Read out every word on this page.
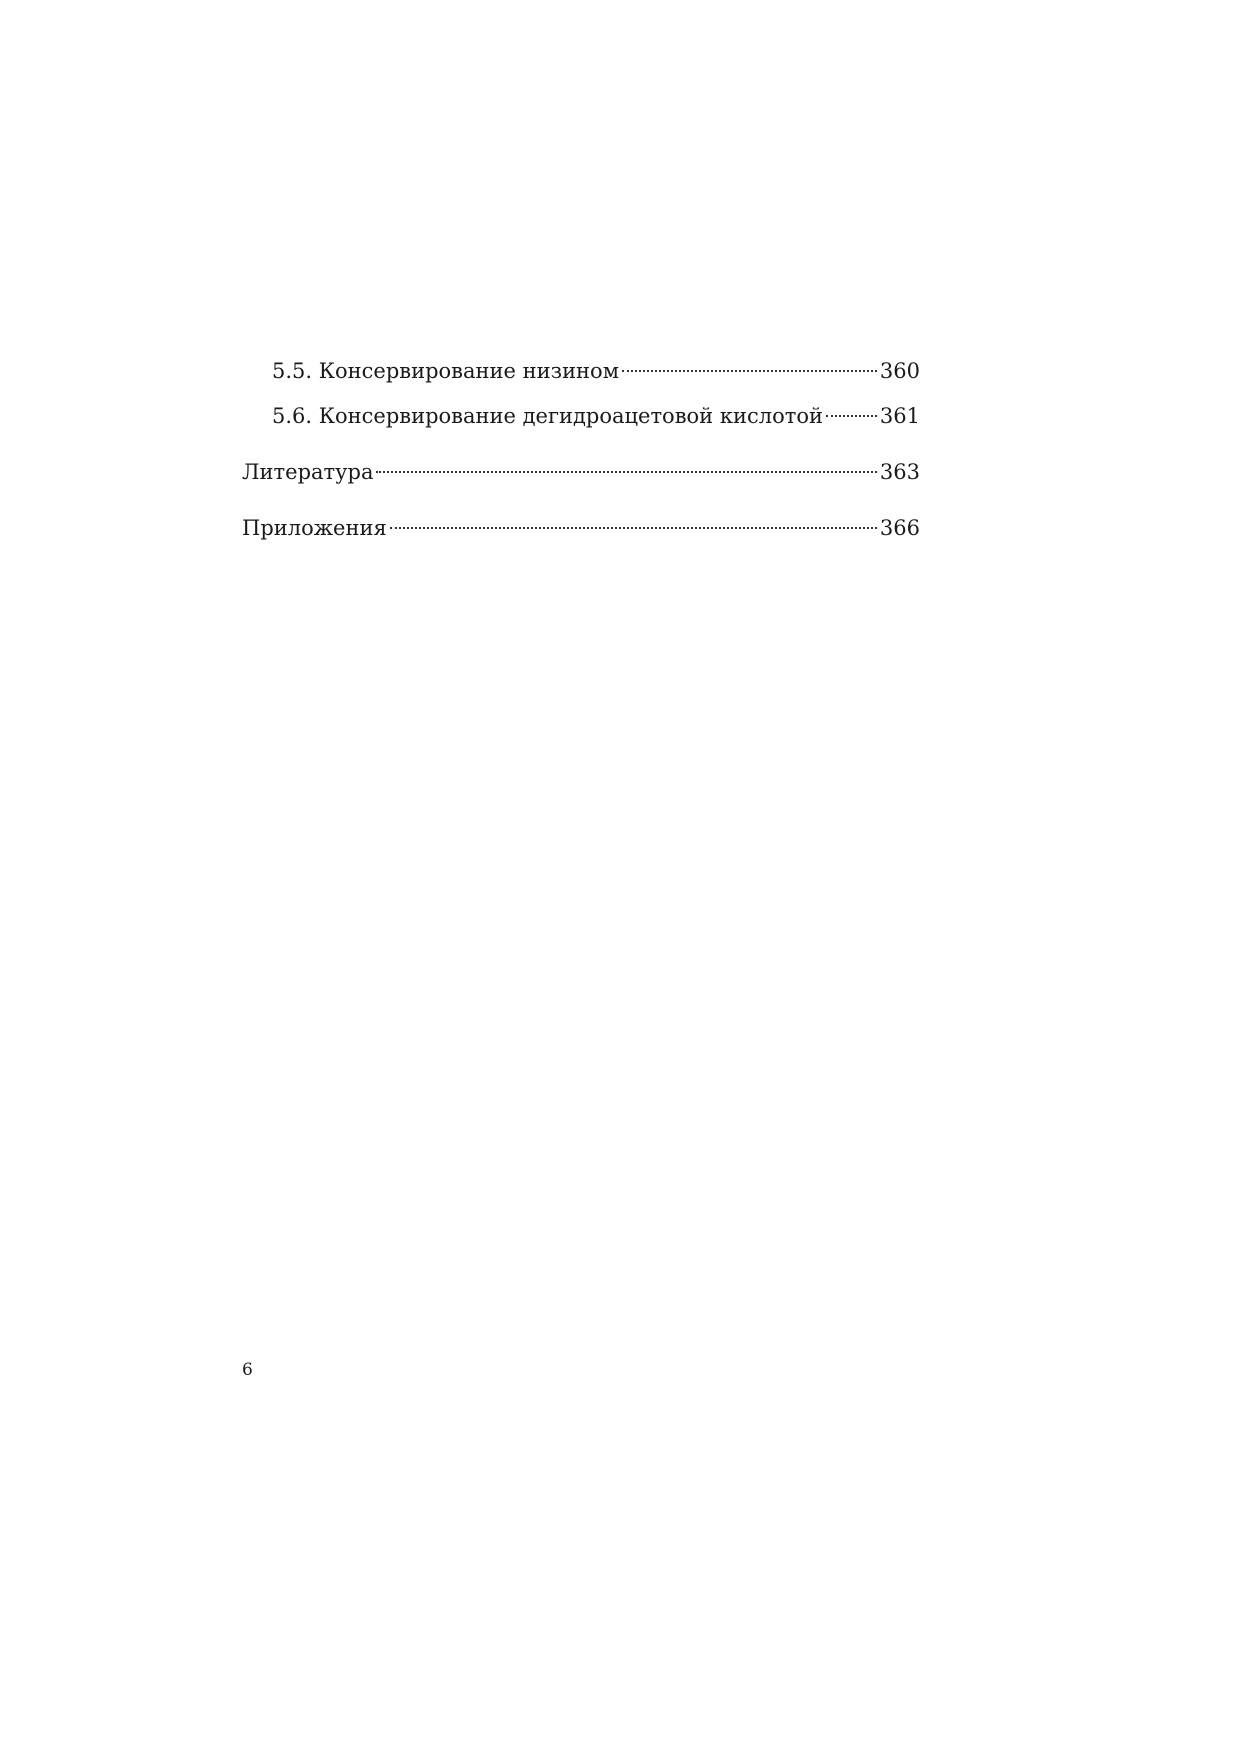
5.5. Консервирование низином	360
5.6. Консервирование дегидроацетовой кислотой	361
Литература	363
Приложения	366
6
